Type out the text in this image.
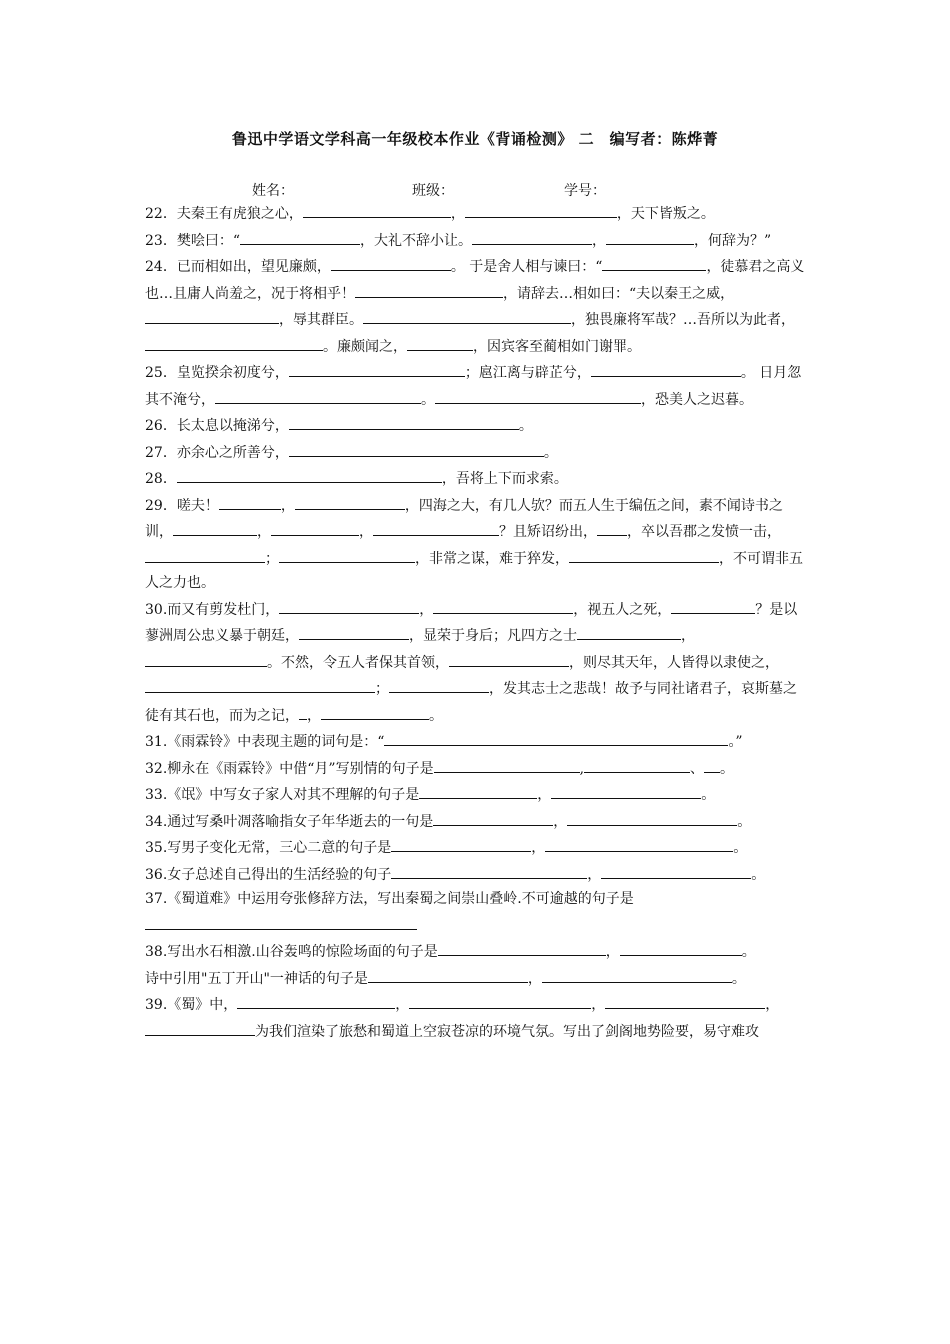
鲁迅中学语文学科高一年级校本作业《背诵检测》 二　编写者：陈烨菁
姓名：	班级：	学号：
22．夫秦王有虎狼之心，	，	，天下皆叛之。
23．樊哙曰：“	，大礼不辞小让。	，	，何辞为？”
24．已而相如出，望见廉颇，	。 于是舍人相与谏曰：“	，徒慕君之高义也…且庸人尚羞之，况于将相乎！	，请辞去…相如曰：“夫以秦王之威，，辱其群臣。	，独畏廉将军哉？…吾所以为此者，。廉颇闻之，	，因宾客至蔺相如门谢罪。
25．皇览揆余初度兮，	；扈江离与辟芷兮，	。 日月忽其不淹兮，	。	，恐美人之迟暮。
26．长太息以掩涕兮，	。
27．亦余心之所善兮，	。
28．	，吾将上下而求索。
29．嗟夫！	，	，四海之大，有几人欤？而五人生于编伍之间，素不闻诗书之训，	，	，	？且矫诏纷出， ，卒以吾郡之发愤一击，；	，非常之谋，难于猝发，	，不可谓非五人之力也。
30.而又有剪发杜门，	，	，视五人之死，	？是以蓼洲周公忠义暴于朝廷，	，显荣于身后；凡四方之士	，。不然，令五人者保其首领，	，则尽其天年，人皆得以隶使之，；	，发其志士之悲哉！故予与同社诸君子，哀斯墓之徒有其石也，而为之记， ，	。
31.《雨霖铃》中表现主题的词句是：“	。”
32.柳永在《雨霖铃》中借“月”写别情的句子是	,	、 。
33.《氓》中写女子家人对其不理解的句子是	，	。
34.通过写桑叶凋落喻指女子年华逝去的一句是	，	。
35.写男子变化无常，三心二意的句子是	，	。
36.女子总述自己得出的生活经验的句子	，	。
37.《蜀道难》中运用夸张修辞方法，写出秦蜀之间崇山叠岭.不可逾越的句子是
38.写出水石相激.山谷轰鸣的惊险场面的句子是	，	。
诗中引用"五丁开山"一神话的句子是	，	。
39.《蜀》中，	，	，	，为我们渲染了旅愁和蜀道上空寂苍凉的环境气氛。写出了剑阁地势险要，易守难攻
